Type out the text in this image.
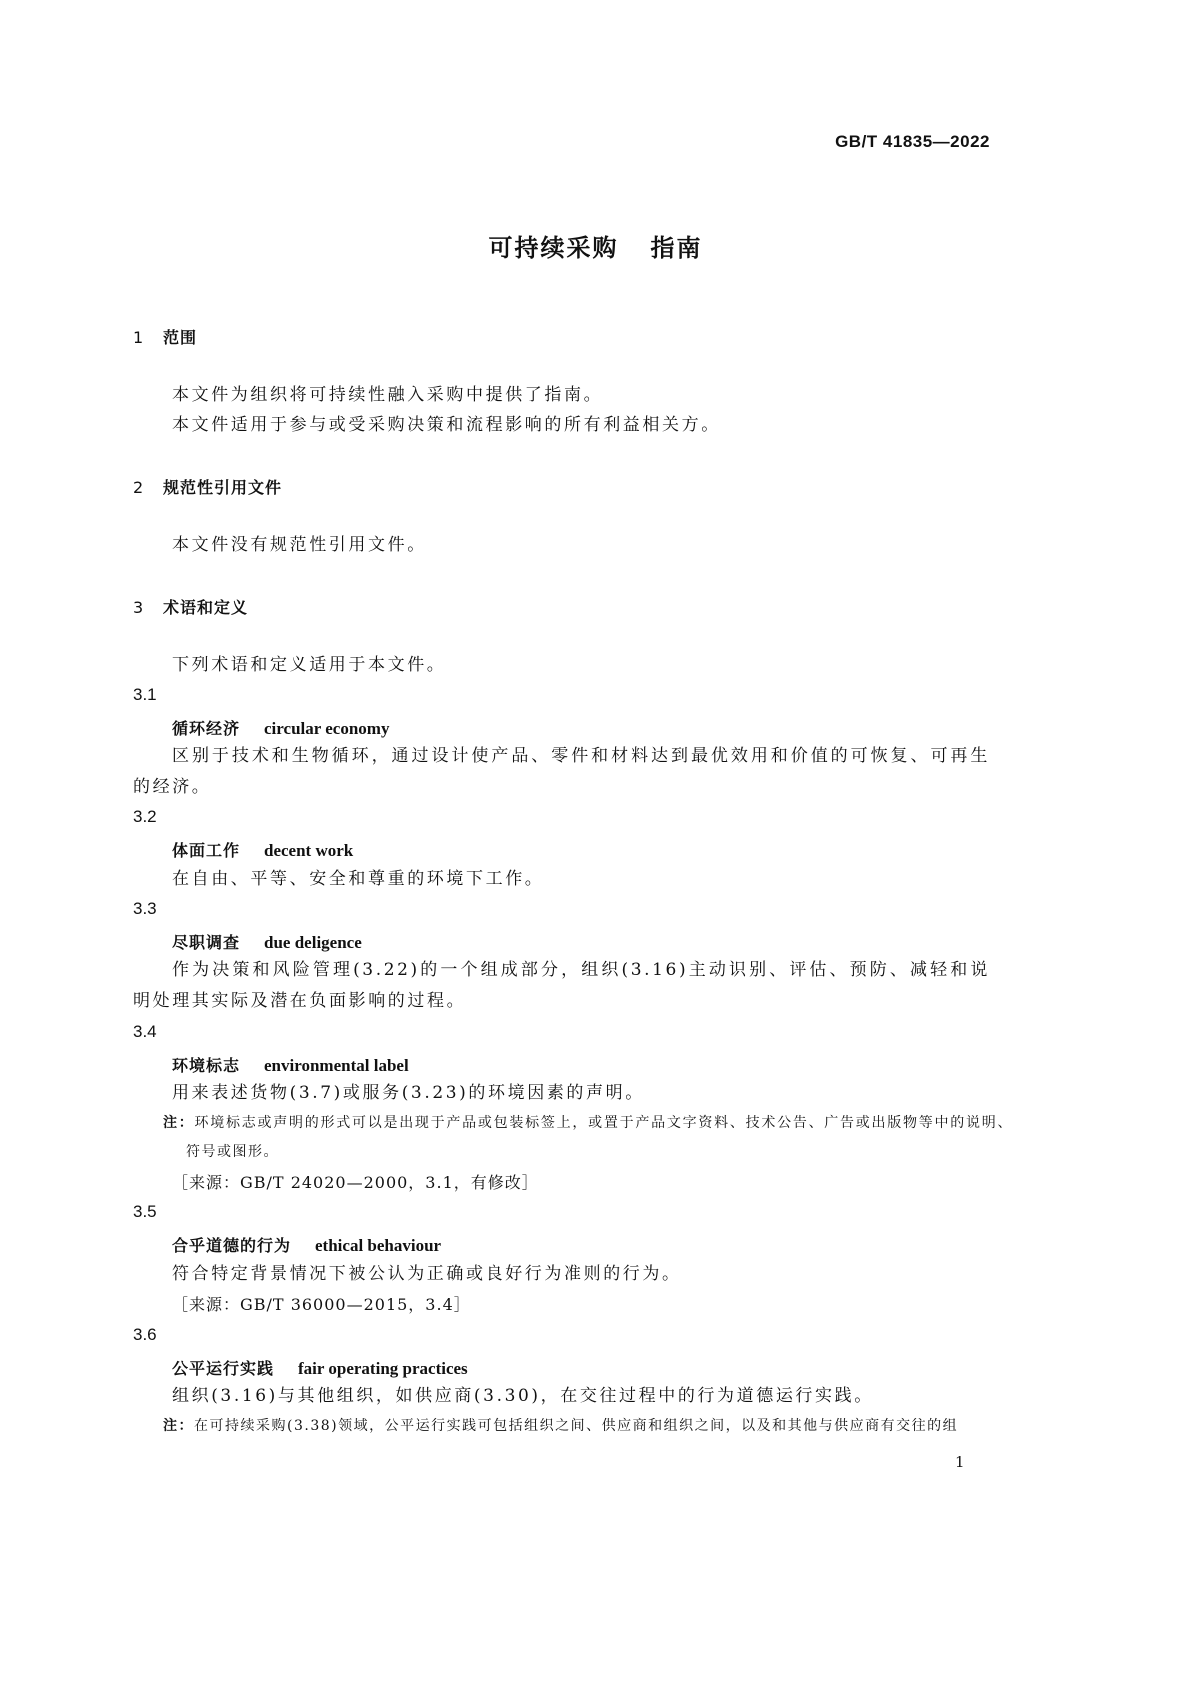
GB/T 41835—2022
可持续采购 指南
1 范围
本文件为组织将可持续性融入采购中提供了指南。
本文件适用于参与或受采购决策和流程影响的所有利益相关方。
2 规范性引用文件
本文件没有规范性引用文件。
3 术语和定义
下列术语和定义适用于本文件。
3.1
循环经济 circular economy
区别于技术和生物循环，通过设计使产品、零件和材料达到最优效用和价值的可恢复、可再生的经济。
3.2
体面工作 decent work
在自由、平等、安全和尊重的环境下工作。
3.3
尽职调查 due deligence
作为决策和风险管理(3.22)的一个组成部分，组织(3.16)主动识别、评估、预防、减轻和说明处理其实际及潜在负面影响的过程。
3.4
环境标志 environmental label
用来表述货物(3.7)或服务(3.23)的环境因素的声明。
注：环境标志或声明的形式可以是出现于产品或包装标签上，或置于产品文字资料、技术公告、广告或出版物等中的说明、符号或图形。
［来源：GB/T 24020—2000，3.1，有修改］
3.5
合乎道德的行为 ethical behaviour
符合特定背景情况下被公认为正确或良好行为准则的行为。
［来源：GB/T 36000—2015，3.4］
3.6
公平运行实践 fair operating practices
组织(3.16)与其他组织，如供应商(3.30)，在交往过程中的行为道德运行实践。
注：在可持续采购(3.38)领域，公平运行实践可包括组织之间、供应商和组织之间，以及和其他与供应商有交往的组
1
